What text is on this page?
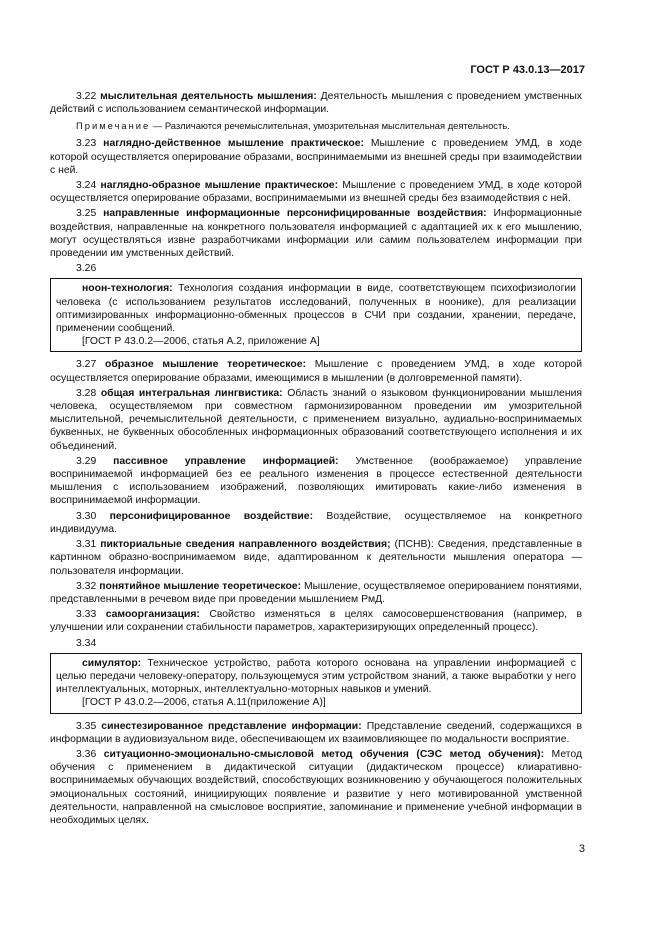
ГОСТ Р 43.0.13—2017

3.22 мыслительная деятельность мышления: Деятельность мышления с проведением умственных действий с использованием семантической информации.

Примечание — Различаются речемыслительная, умозрительная мыслительная деятельность.

3.23 наглядно-действенное мышление практическое: Мышление с проведением УМД, в ходе которой осуществляется оперирование образами, воспринимаемыми из внешней среды при взаимодействии с ней.

3.24 наглядно-образное мышление практическое: Мышление с проведением УМД, в ходе которой осуществляется оперирование образами, воспринимаемыми из внешней среды без взаимодействия с ней.

3.25 направленные информационные персонифицированные воздействия: Информационные воздействия, направленные на конкретного пользователя информацией с адаптацией их к его мышлению, могут осуществляться извне разработчиками информации или самим пользователем информации при проведении им умственных действий.

3.26

ноон-технология: Технология создания информации в виде, соответствующем психофизиологии человека (с использованием результатов исследований, полученных в ноонике), для реализации оптимизированных информационно-обменных процессов в СЧИ при создании, хранении, передаче, применении сообщений.

[ГОСТ Р 43.0.2—2006, статья А.2, приложение А]

3.27 образное мышление теоретическое: Мышление с проведением УМД, в ходе которой осуществляется оперирование образами, имеющимися в мышлении (в долговременной памяти).

3.28 общая интегральная лингвистика: Область знаний о языковом функционировании мышления человека, осуществляемом при совместном гармонизированном проведении им умозрительной мыслительной, речемыслительной деятельности, с применением визуально, аудиально-воспринимаемых буквенных, не буквенных обособленных информационных образований соответствующего исполнения и их объединений.

3.29 пассивное управление информацией: Умственное (воображаемое) управление воспринимаемой информацией без ее реального изменения в процессе естественной деятельности мышления с использованием изображений, позволяющих имитировать какие-либо изменения в воспринимаемой информации.

3.30 персонифицированное воздействие: Воздействие, осуществляемое на конкретного индивидуума.

3.31 пикториальные сведения направленного воздействия; (ПСНВ): Сведения, представленные в картинном образно-воспринимаемом виде, адаптированном к деятельности мышления оператора — пользователя информации.

3.32 понятийное мышление теоретическое: Мышление, осуществляемое оперированием понятиями, представленными в речевом виде при проведении мышлением РмД.

3.33 самоорганизация: Свойство изменяться в целях самосовершенствования (например, в улучшении или сохранении стабильности параметров, характеризирующих определенный процесс).

3.34

симулятор: Техническое устройство, работа которого основана на управлении информацией с целью передачи человеку-оператору, пользующемуся этим устройством знаний, а также выработки у него интеллектуальных, моторных, интеллектуально-моторных навыков и умений.

[ГОСТ Р 43.0.2—2006, статья А.11(приложение А)]

3.35 синестезированное представление информации: Представление сведений, содержащихся в информации в аудиовизуальном виде, обеспечивающем их взаимовлияющее по модальности восприятие.

3.36 ситуационно-эмоционально-смысловой метод обучения (СЭС метод обучения): Метод обучения с применением в дидактической ситуации (дидактическом процессе) клиаративно-воспринимаемых обучающих воздействий, способствующих возникновению у обучающегося положительных эмоциональных состояний, инициирующих появление и развитие у него мотивированной умственной деятельности, направленной на смысловое восприятие, запоминание и применение учебной информации в необходимых целях.

3
